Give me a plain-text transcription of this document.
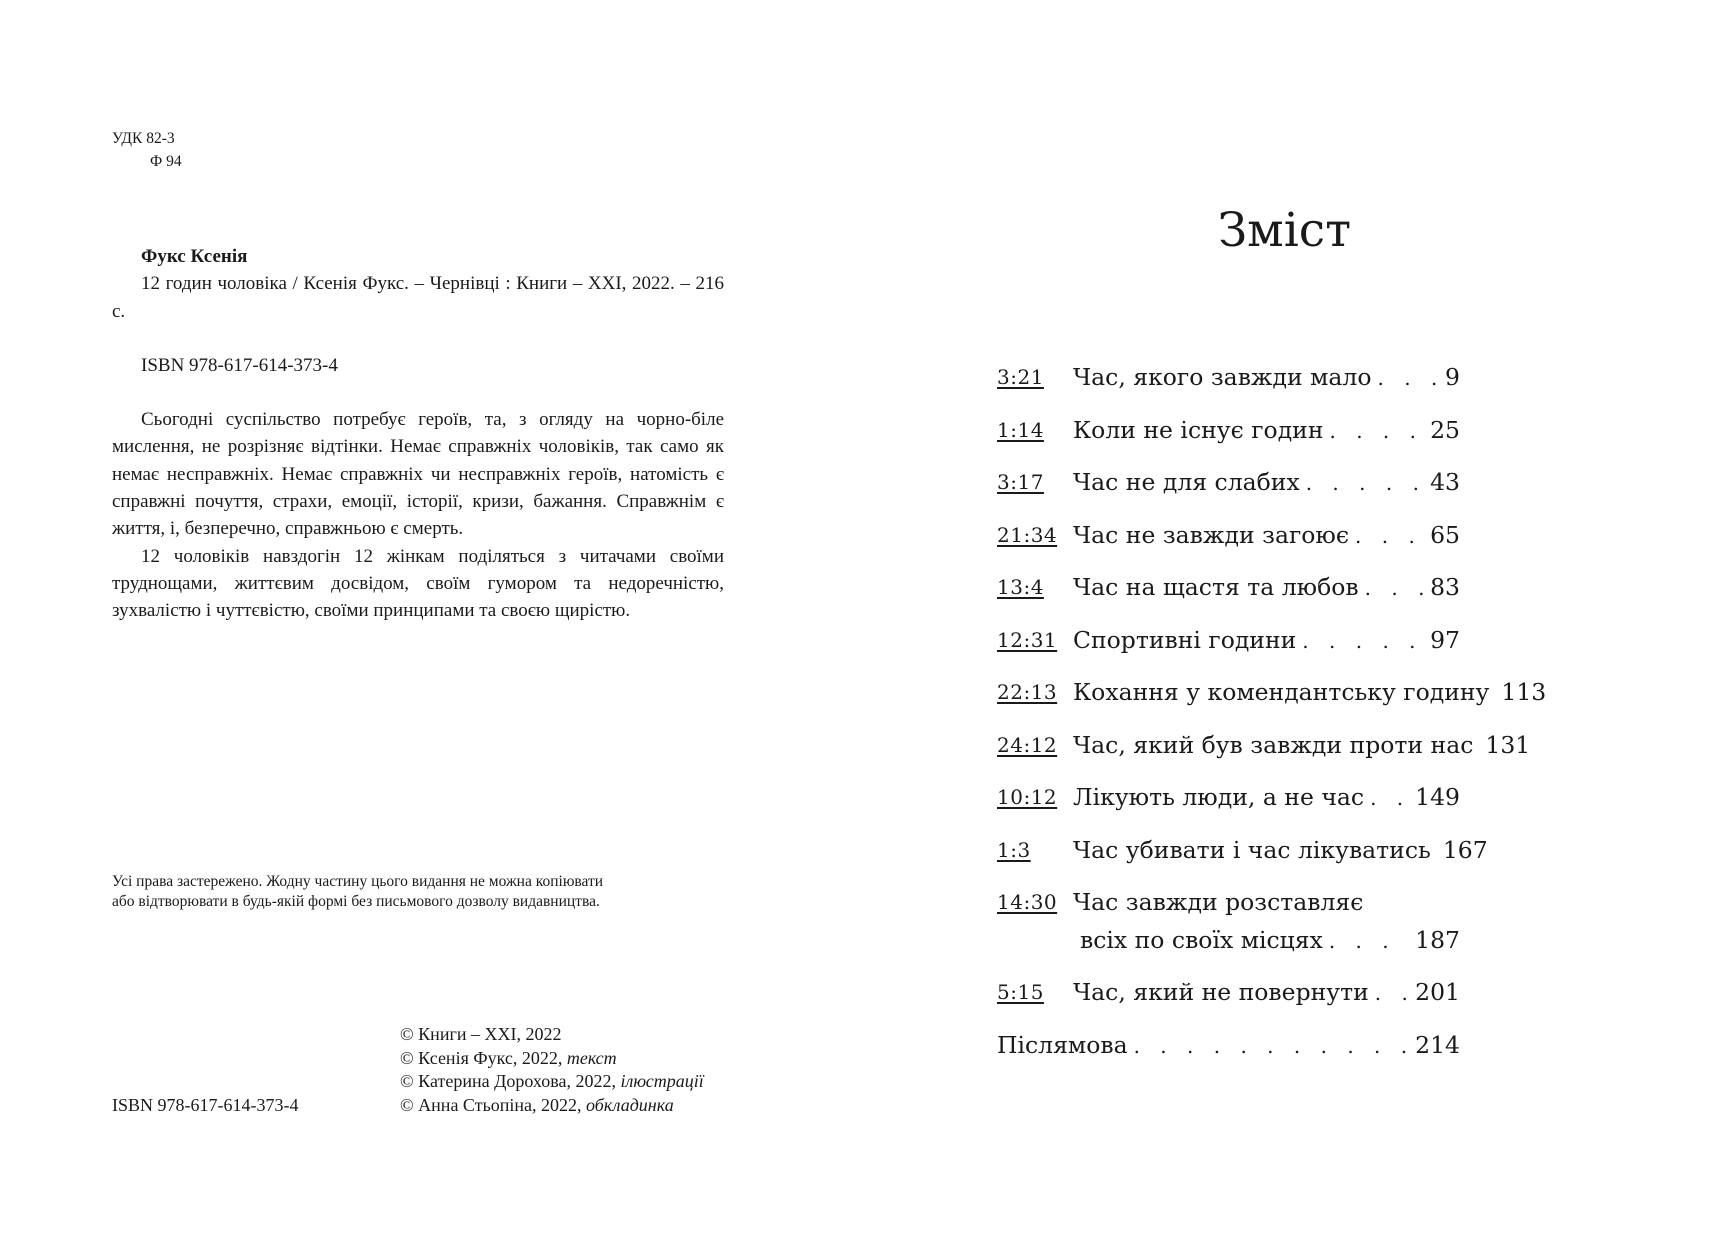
УДК 82-3
Ф 94

Фукс Ксенія

12 годин чоловіка / Ксенія Фукс. – Чернівці : Книги – ХХІ, 2022. – 216 с.

ISBN 978-617-614-373-4

Сьогодні суспільство потребує героїв, та, з огляду на чорно-біле мислення, не розрізняє відтінки. Немає справжніх чоловіків, так само як немає несправжніх. Немає справжніх чи несправжніх героїв, натомість є справжні почуття, страхи, емоції, історії, кризи, бажання. Справжнім є життя, і, безперечно, справжньою є смерть.

12 чоловіків навздогін 12 жінкам поділяться з читачами своїми труднощами, життєвим досвідом, своїм гумором та недоречністю, зухвалістю і чуттєвістю, своїми принципами та своєю щирістю.

Усі права застережено. Жодну частину цього видання не можна копіювати
або відтворювати в будь-якій формі без письмового дозволу видавництва.
ISBN 978-617-614-373-4
© Книги – ХХІ, 2022
© Ксенія Фукс, 2022, текст
© Катерина Дорохова, 2022, ілюстрації
© Анна Стьопіна, 2022, обкладинка
Зміст
3:21 Час, якого завжди мало . . .	9
1:14 Коли не існує годин . . .	25
3:17 Час не для слабих . . .	43
21:34 Час не завжди загоює . . .	65
13:4 Час на щастя та любов . . .	83
12:31 Спортивні години . . .	97
22:13 Кохання у комендантську годину 113
24:12 Час, який був завжди проти нас 131
10:12 Лікують люди, а не час . . . 149
1:3 Час убивати і час лікуватись 167
14:30 Час завжди розставляє
всіх по своїх місцях . . .	187
5:15 Час, який не повернути . . . 201
Післямова . . .	214
